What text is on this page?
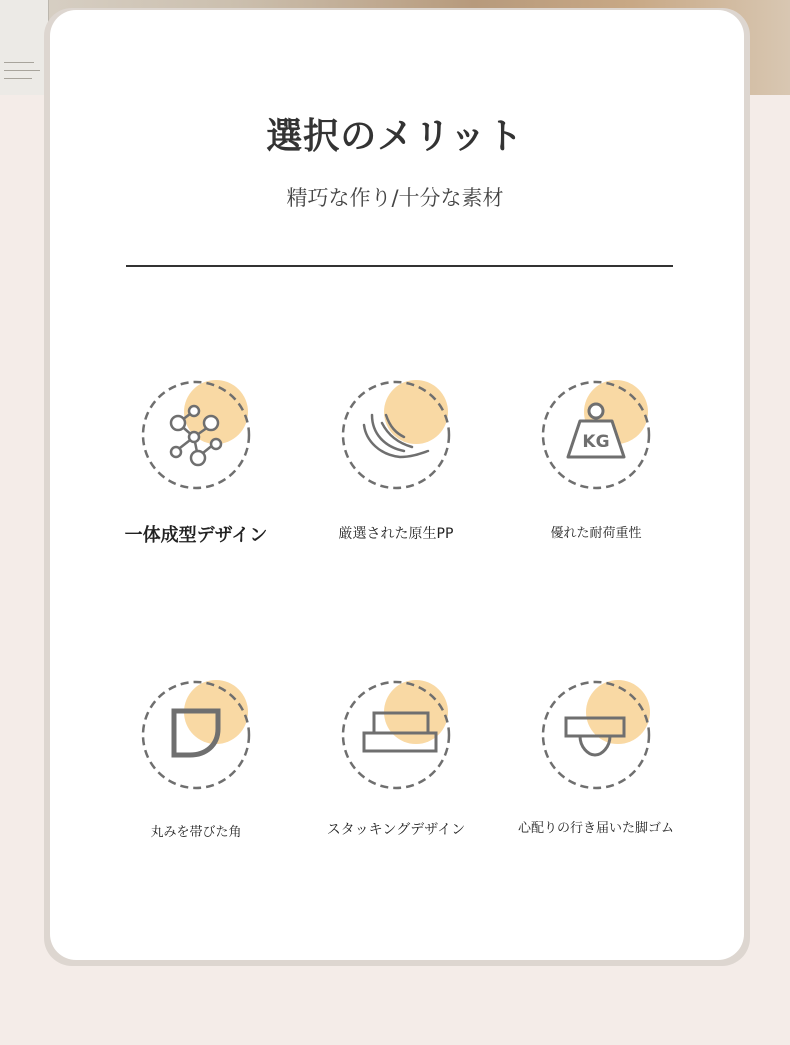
選択のメリット

精巧な作り/十分な素材

一体成型デザイン	厳選された原生PP
KG
優れた耐荷重性
丸みを帯びた角	スタッキングデザイン	心配りの行き届いた脚ゴム
